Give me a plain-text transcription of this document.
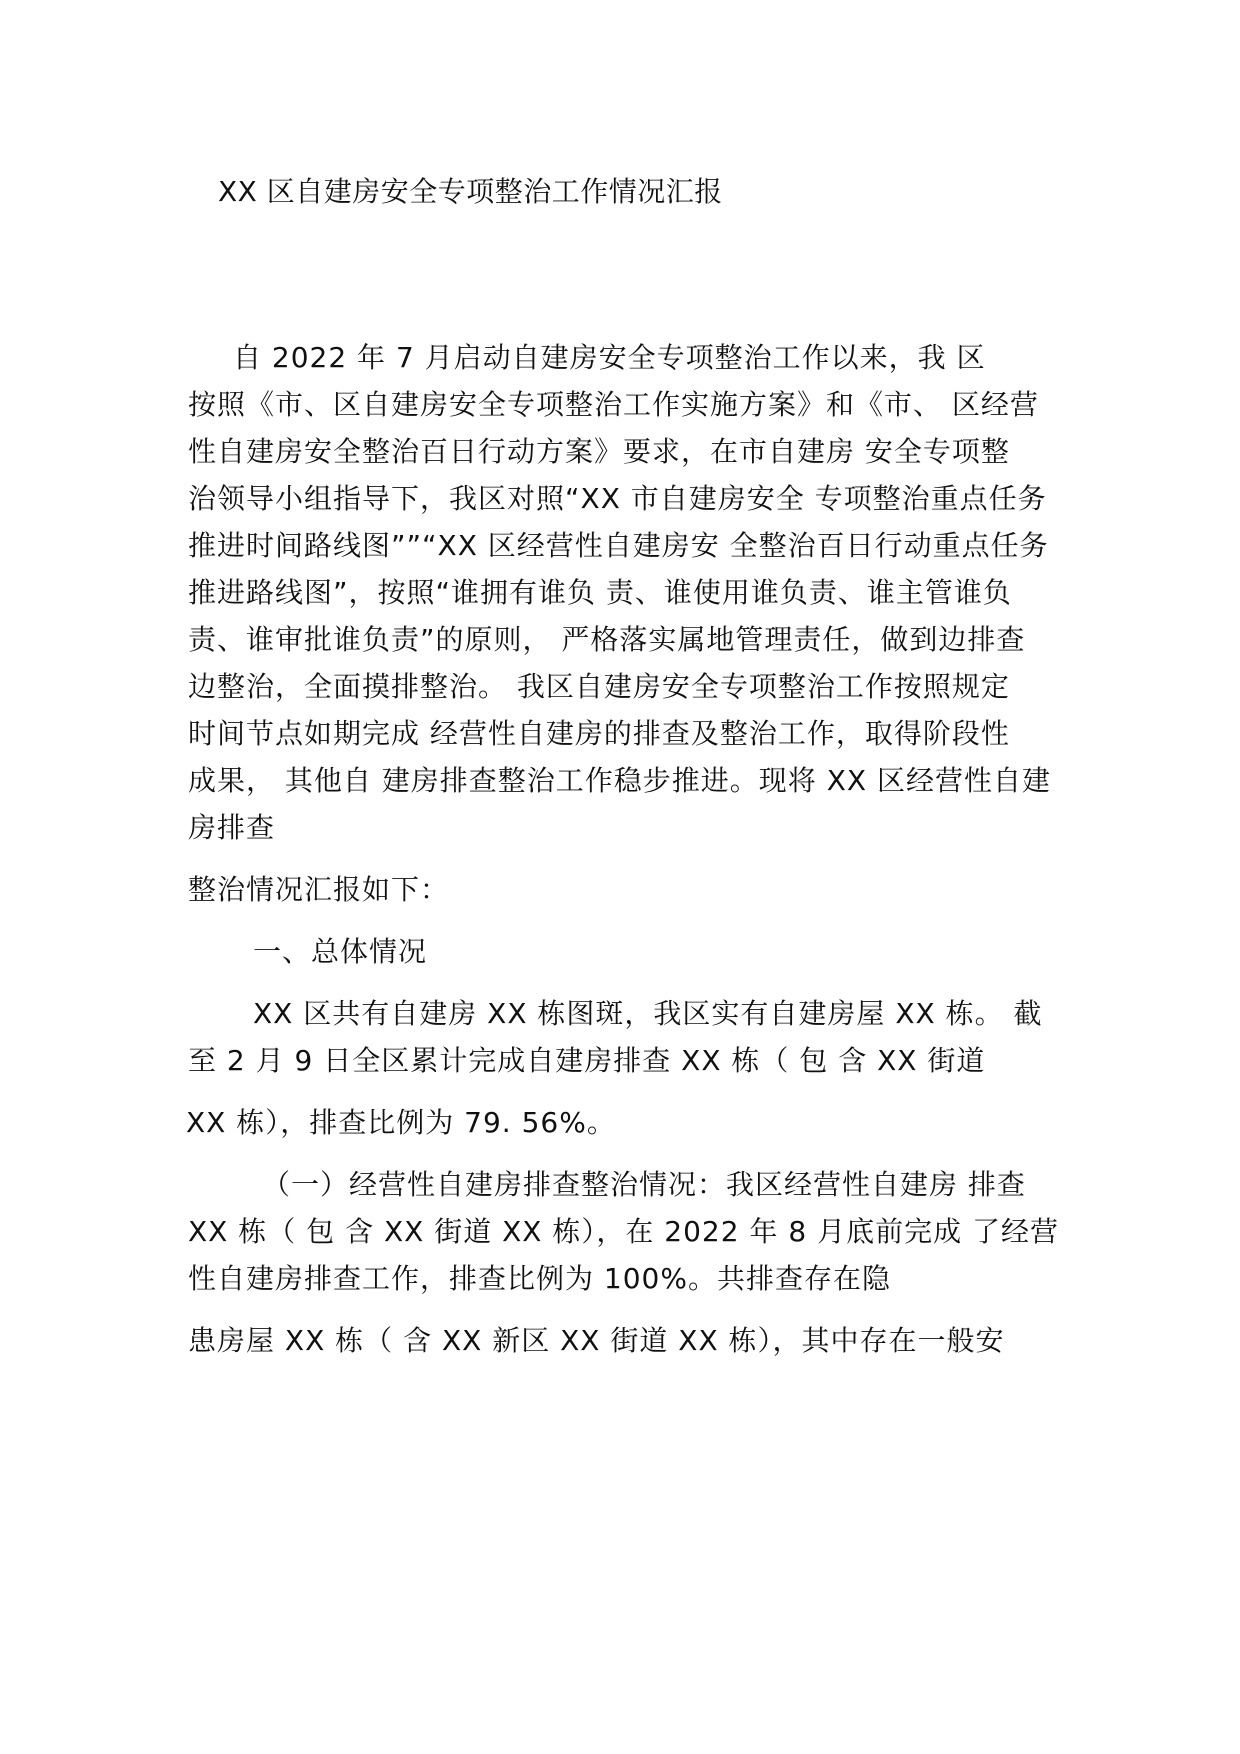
XX 区自建房安全专项整治工作情况汇报
自 2022 年 7 月启动自建房安全专项整治工作以来，我 区
按照《市、区自建房安全专项整治工作实施方案》和《市、 区经营
性自建房安全整治百日行动方案》要求，在市自建房 安全专项整
治领导小组指导下，我区对照“XX 市自建房安全 专项整治重点任务
推进时间路线图””“XX 区经营性自建房安 全整治百日行动重点任务
推进路线图”，按照“谁拥有谁负 责、谁使用谁负责、谁主管谁负
责、谁审批谁负责”的原则， 严格落实属地管理责任，做到边排查
边整治，全面摸排整治。 我区自建房安全专项整治工作按照规定
时间节点如期完成 经营性自建房的排查及整治工作，取得阶段性
成果， 其他自 建房排查整治工作稳步推进。现将 XX 区经营性自建
房排查
整治情况汇报如下：
一、总体情况
XX 区共有自建房 XX 栋图斑，我区实有自建房屋 XX 栋。 截
至 2 月 9 日全区累计完成自建房排查 XX 栋（ 包 含 XX 街道
XX 栋），排查比例为 79. 56%。
（一）经营性自建房排查整治情况：我区经营性自建房 排查
XX 栋（ 包 含 XX 街道 XX 栋），在 2022 年 8 月底前完成 了经营
性自建房排查工作，排查比例为 100%。共排查存在隐
患房屋 XX 栋（ 含 XX 新区 XX 街道 XX 栋），其中存在一般安
